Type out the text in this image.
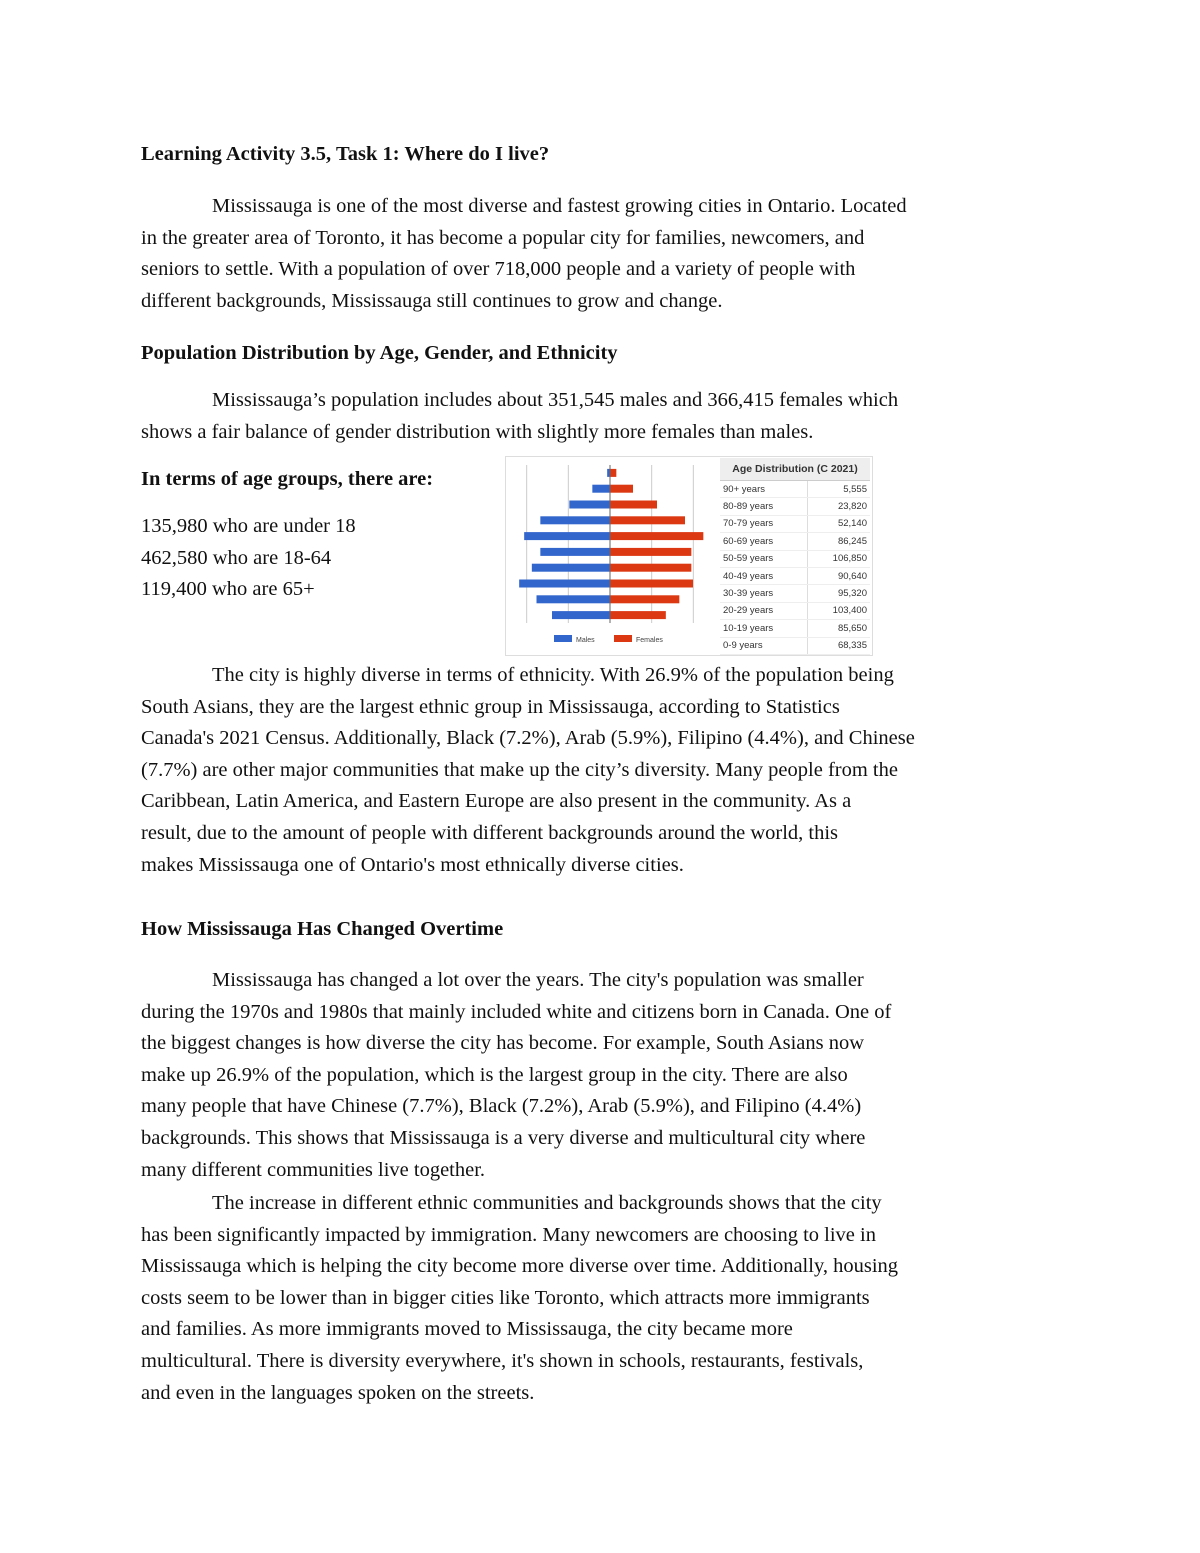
Learning Activity 3.5, Task 1: Where do I live?
Mississauga is one of the most diverse and fastest growing cities in Ontario. Located
in the greater area of Toronto, it has become a popular city for families, newcomers, and
seniors to settle. With a population of over 718,000 people and a variety of people with
different backgrounds, Mississauga still continues to grow and change.
Population Distribution by Age, Gender, and Ethnicity
Mississauga’s population includes about 351,545 males and 366,415 females which
shows a fair balance of gender distribution with slightly more females than males.
In terms of age groups, there are:
135,980 who are under 18
462,580 who are 18-64
119,400 who are 65+
Males	Females
Age Distribution (C 2021)	
90+ years	5,555
80-89 years	23,820
70-79 years	52,140
60-69 years	86,245
50-59 years	106,850
40-49 years	90,640
30-39 years	95,320
20-29 years	103,400
10-19 years	85,650
0-9 years	68,335
The city is highly diverse in terms of ethnicity. With 26.9% of the population being
South Asians, they are the largest ethnic group in Mississauga, according to Statistics
Canada's 2021 Census. Additionally, Black (7.2%), Arab (5.9%), Filipino (4.4%), and Chinese
(7.7%) are other major communities that make up the city’s diversity. Many people from the
Caribbean, Latin America, and Eastern Europe are also present in the community. As a
result, due to the amount of people with different backgrounds around the world, this
makes Mississauga one of Ontario's most ethnically diverse cities.
How Mississauga Has Changed Overtime
Mississauga has changed a lot over the years. The city's population was smaller
during the 1970s and 1980s that mainly included white and citizens born in Canada. One of
the biggest changes is how diverse the city has become. For example, South Asians now
make up 26.9% of the population, which is the largest group in the city. There are also
many people that have Chinese (7.7%), Black (7.2%), Arab (5.9%), and Filipino (4.4%)
backgrounds. This shows that Mississauga is a very diverse and multicultural city where
many different communities live together.
The increase in different ethnic communities and backgrounds shows that the city
has been significantly impacted by immigration. Many newcomers are choosing to live in
Mississauga which is helping the city become more diverse over time. Additionally, housing
costs seem to be lower than in bigger cities like Toronto, which attracts more immigrants
and families. As more immigrants moved to Mississauga, the city became more
multicultural. There is diversity everywhere, it's shown in schools, restaurants, festivals,
and even in the languages spoken on the streets.
